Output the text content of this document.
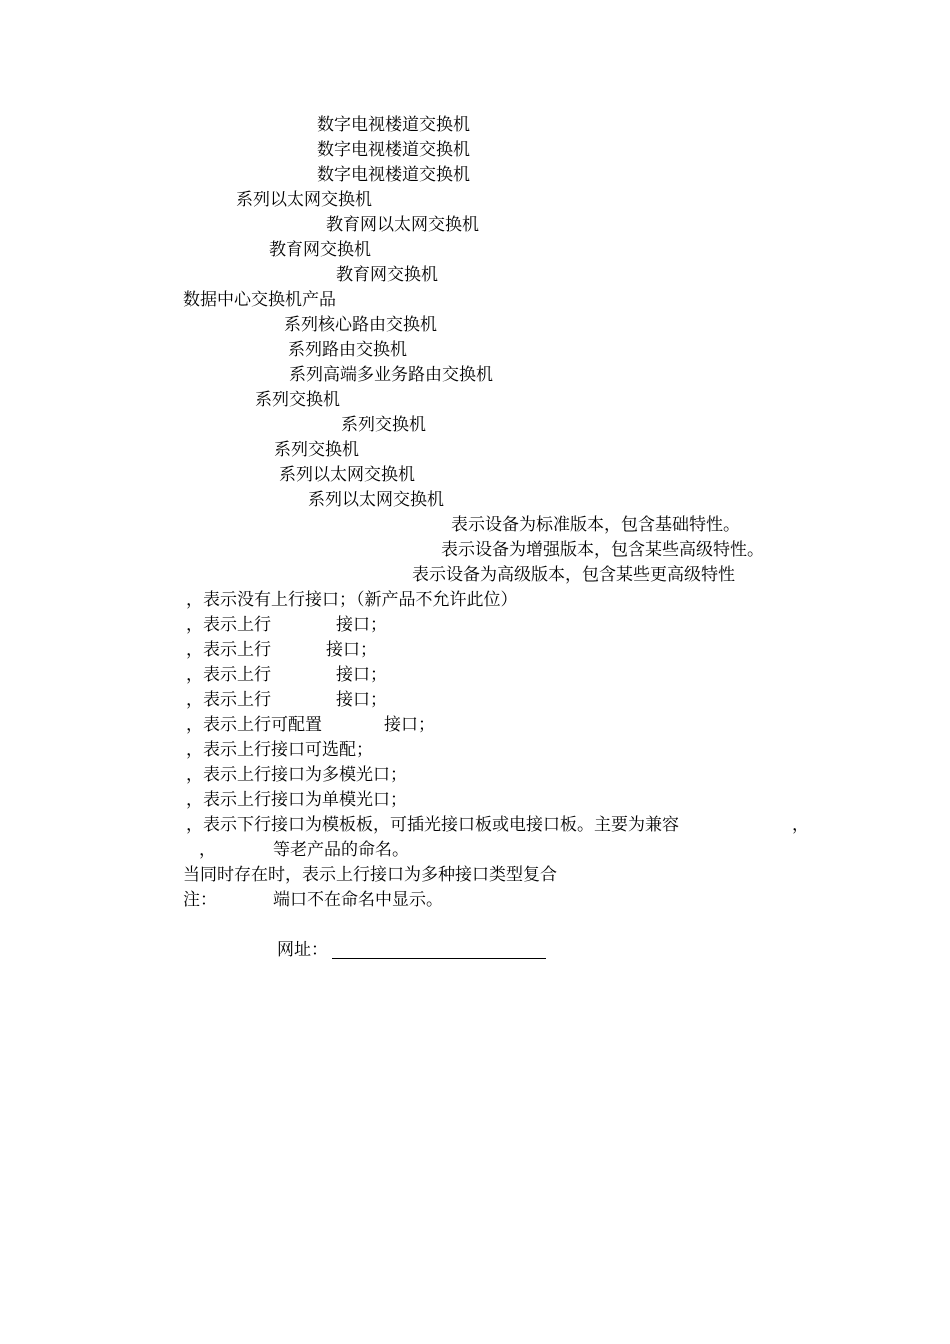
数字电视楼道交换机
数字电视楼道交换机
数字电视楼道交换机
系列以太网交换机
教育网以太网交换机
教育网交换机
教育网交换机
数据中心交换机产品
系列核心路由交换机
系列路由交换机
系列高端多业务路由交换机
系列交换机
系列交换机
系列交换机
系列以太网交换机
系列以太网交换机
表示设备为标准版本，包含基础特性。
表示设备为增强版本，包含某些高级特性。
表示设备为高级版本，包含某些更高级特性
，表示没有上行接口；（新产品不允许此位）
，表示上行	接口；
，表示上行	接口；
，表示上行	接口；
，表示上行	接口；
，表示上行可配置	接口；
，表示上行接口可选配；
，表示上行接口为多模光口；
，表示上行接口为单模光口；
，表示下行接口为模板板，可插光接口板或电接口板。主要为兼容	，
，	等老产品的命名。
当同时存在时，表示上行接口为多种接口类型复合
注：	端口不在命名中显示。
网址：
